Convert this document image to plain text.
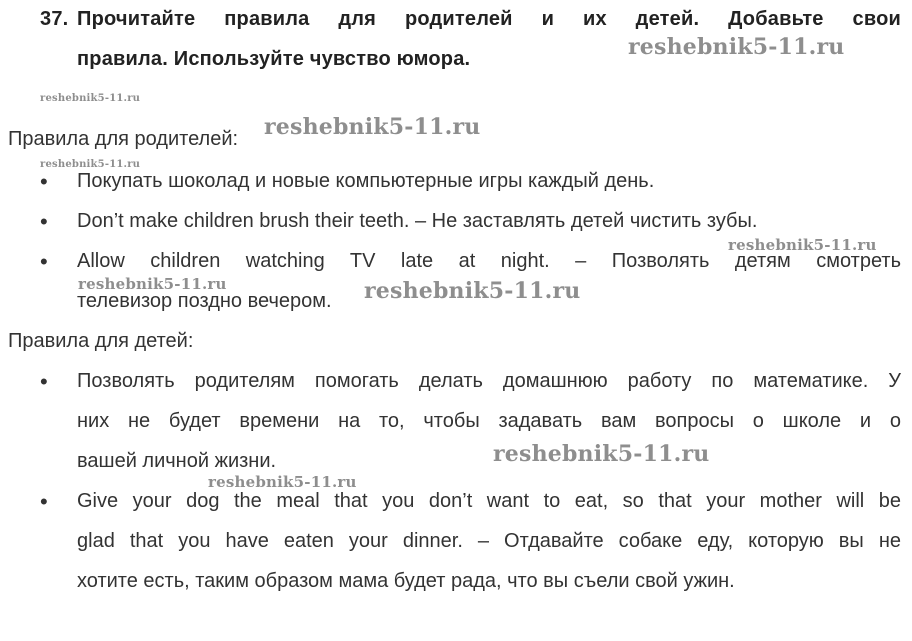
37. Прочитайте правила для родителей и их детей. Добавьте свои
правила. Используйте чувство юмора.
Правила для родителей:
• Покупать шоколад и новые компьютерные игры каждый день.
• Don’t make children brush their teeth. – Не заставлять детей чистить зубы.
• Allow children watching TV late at night. – Позволять детям смотреть
телевизор поздно вечером.
Правила для детей:
• Позволять родителям помогать делать домашнюю работу по математике. У
них не будет времени на то, чтобы задавать вам вопросы о школе и о
вашей личной жизни.
• Give your dog the meal that you don’t want to eat, so that your mother will be
glad that you have eaten your dinner. – Отдавайте собаке еду, которую вы не
хотите есть, таким образом мама будет рада, что вы съели свой ужин.
reshebnik5-11.ru
reshebnik5-11.ru
reshebnik5-11.ru
reshebnik5-11.ru
reshebnik5-11.ru
reshebnik5-11.ru	reshebnik5-11.ru
reshebnik5-11.ru
reshebnik5-11.ru
